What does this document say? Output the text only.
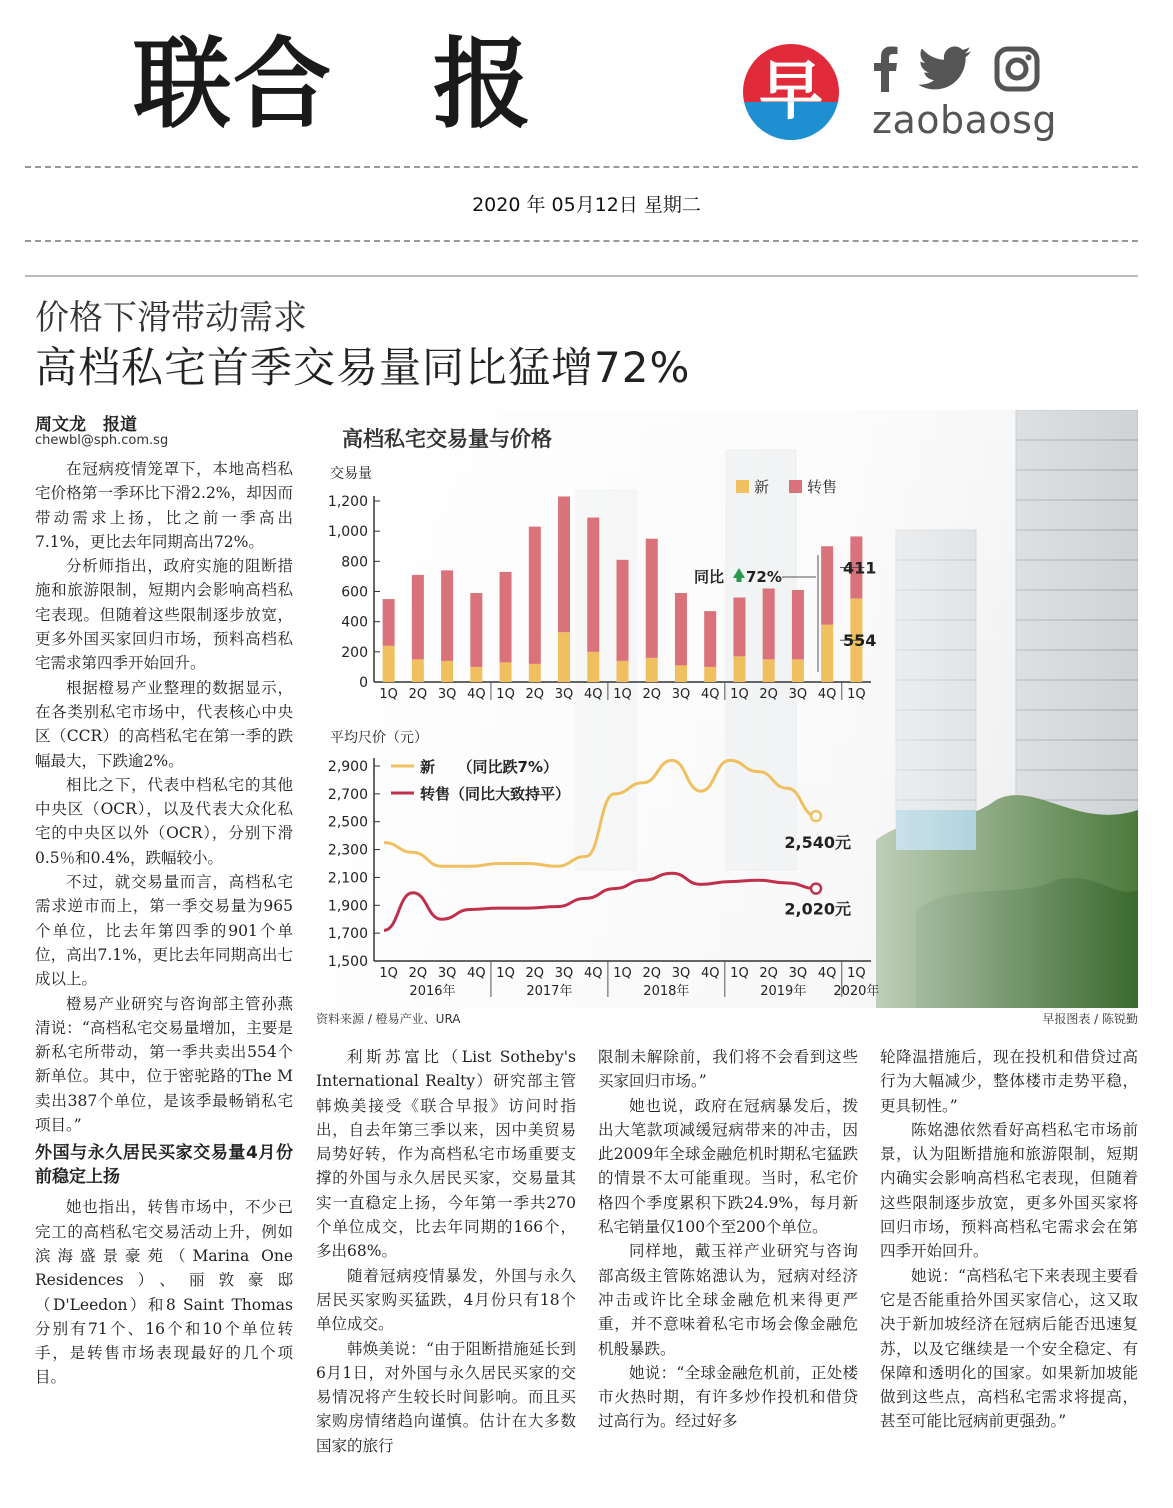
联合早报	早	zaobaosg
2020 年 05月12日 星期二
价格下滑带动需求
高档私宅首季交易量同比猛增72%
周文龙　报道
chewbl@sph.com.sg

在冠病疫情笼罩下，本地高档私宅价格第一季环比下滑2.2%，却因而带动需求上扬，比之前一季高出7.1%，更比去年同期高出72%。

分析师指出，政府实施的阻断措施和旅游限制，短期内会影响高档私宅表现。但随着这些限制逐步放宽，更多外国买家回归市场，预料高档私宅需求第四季开始回升。

根据橙易产业整理的数据显示，在各类别私宅市场中，代表核心中央区（CCR）的高档私宅在第一季的跌幅最大，下跌逾2%。

相比之下，代表中档私宅的其他中央区（OCR），以及代表大众化私宅的中央区以外（OCR），分别下滑0.5％和0.4%，跌幅较小。

不过，就交易量而言，高档私宅需求逆市而上，第一季交易量为965个单位，比去年第四季的901个单位，高出7.1%，更比去年同期高出七成以上。

橙易产业研究与咨询部主管孙燕清说：“高档私宅交易量增加，主要是新私宅所带动，第一季共卖出554个新单位。其中，位于密驼路的The M卖出387个单位，是该季最畅销私宅项目。”

外国与永久居民买家交易量4月份前稳定上扬

她也指出，转售市场中，不少已完工的高档私宅交易活动上升，例如滨海盛景豪苑（Marina One Residences）、丽敦豪邸（D'Leedon）和8 Saint Thomas分别有71个、16个和10个单位转手，是转售市场表现最好的几个项目。

高档私宅交易量与价格
交易量
0
200
400
600
800
1,000
1,200
1Q 2Q 3Q 4Q 1Q 2Q 3Q 4Q 1Q 2Q 3Q 4Q 1Q 2Q 3Q 4Q 1Q
新	转售
同比 72%	411
554
平均尺价（元）
1,500
1,700
1,900
2,100
2,300
2,500
2,700
2,900
1Q 2Q 3Q 4Q 1Q 2Q 3Q 4Q 1Q 2Q 3Q 4Q 1Q 2Q 3Q 4Q 1Q
2016年	2017年	2018年	2019年 2020年
2,540元
2,020元
新　　（同比跌7%）
转售（同比大致持平）
资料来源 / 橙易产业、URA	早报图表 / 陈锐勤

利斯苏富比（List Sotheby's International Realty）研究部主管韩焕美接受《联合早报》访问时指出，自去年第三季以来，因中美贸易局势好转，作为高档私宅市场重要支撑的外国与永久居民买家，交易量其实一直稳定上扬，今年第一季共270个单位成交，比去年同期的166个，多出68%。

随着冠病疫情暴发，外国与永久居民买家购买猛跌，4月份只有18个单位成交。

韩焕美说：“由于阻断措施延长到6月1日，对外国与永久居民买家的交易情况将产生较长时间影响。而且买家购房情绪趋向谨慎。估计在大多数国家的旅行

限制未解除前，我们将不会看到这些买家回归市场。”

她也说，政府在冠病暴发后，拨出大笔款项减缓冠病带来的冲击，因此2009年全球金融危机时期私宅猛跌的情景不太可能重现。当时，私宅价格四个季度累积下跌24.9%，每月新私宅销量仅100个至200个单位。

同样地，戴玉祥产业研究与咨询部高级主管陈姳漶认为，冠病对经济冲击或许比全球金融危机来得更严重，并不意味着私宅市场会像金融危机般暴跌。

她说：“全球金融危机前，正处楼市火热时期，有许多炒作投机和借贷过高行为。经过好多

轮降温措施后，现在投机和借贷过高行为大幅减少，整体楼市走势平稳，更具韧性。”

陈姳漶依然看好高档私宅市场前景，认为阻断措施和旅游限制，短期内确实会影响高档私宅表现，但随着这些限制逐步放宽，更多外国买家将回归市场，预料高档私宅需求会在第四季开始回升。

她说：“高档私宅下来表现主要看它是否能重拾外国买家信心，这又取决于新加坡经济在冠病后能否迅速复苏，以及它继续是一个安全稳定、有保障和透明化的国家。如果新加坡能做到这些点，高档私宅需求将提高，甚至可能比冠病前更强劲。”
